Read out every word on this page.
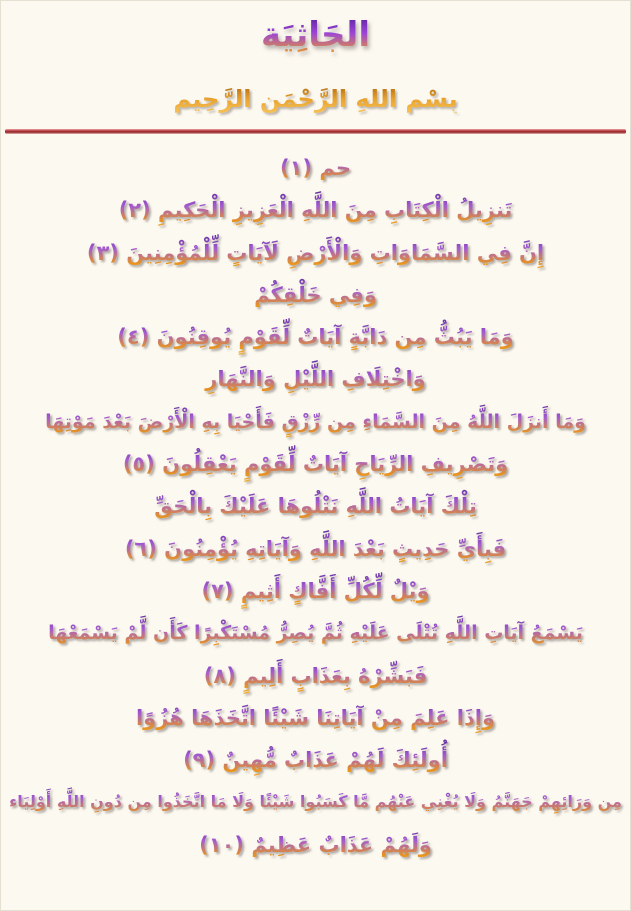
الجَاثِيَة
بِسْمِ اللهِ الرَّحْمَنِ الرَّحِيمِ
حم (١)
تَنزِيلُ الْكِتَابِ مِنَ اللَّهِ الْعَزِيزِ الْحَكِيمِ (٢)
إِنَّ فِي السَّمَاوَاتِ وَالْأَرْضِ لَآيَاتٍ لِّلْمُؤْمِنِينَ (٣)
وَفِي خَلْقِكُمْ
وَمَا يَبُثُّ مِن دَابَّةٍ آيَاتٌ لِّقَوْمٍ يُوقِنُونَ (٤)
وَاخْتِلَافِ اللَّيْلِ وَالنَّهَارِ
وَمَا أَنزَلَ اللَّهُ مِنَ السَّمَاءِ مِن رِّزْقٍ فَأَحْيَا بِهِ الْأَرْضَ بَعْدَ مَوْتِهَا
وَتَصْرِيفِ الرِّيَاحِ آيَاتٌ لِّقَوْمٍ يَعْقِلُونَ (٥)
تِلْكَ آيَاتُ اللَّهِ نَتْلُوهَا عَلَيْكَ بِالْحَقِّ
فَبِأَيِّ حَدِيثٍ بَعْدَ اللَّهِ وَآيَاتِهِ يُؤْمِنُونَ (٦)
وَيْلٌ لِّكُلِّ أَفَّاكٍ أَثِيمٍ (٧)
يَسْمَعُ آيَاتِ اللَّهِ تُتْلَى عَلَيْهِ ثُمَّ يُصِرُّ مُسْتَكْبِرًا كَأَن لَّمْ يَسْمَعْهَا
فَبَشِّرْهُ بِعَذَابٍ أَلِيمٍ (٨)
وَإِذَا عَلِمَ مِنْ آيَاتِنَا شَيْئًا اتَّخَذَهَا هُزُوًا
أُولَئِكَ لَهُمْ عَذَابٌ مُّهِينٌ (٩)
مِن وَرَائِهِمْ جَهَنَّمُ وَلَا يُغْنِي عَنْهُم مَّا كَسَبُوا شَيْئًا وَلَا مَا اتَّخَذُوا مِن دُونِ اللَّهِ أَوْلِيَاء
وَلَهُمْ عَذَابٌ عَظِيمٌ (١٠)
